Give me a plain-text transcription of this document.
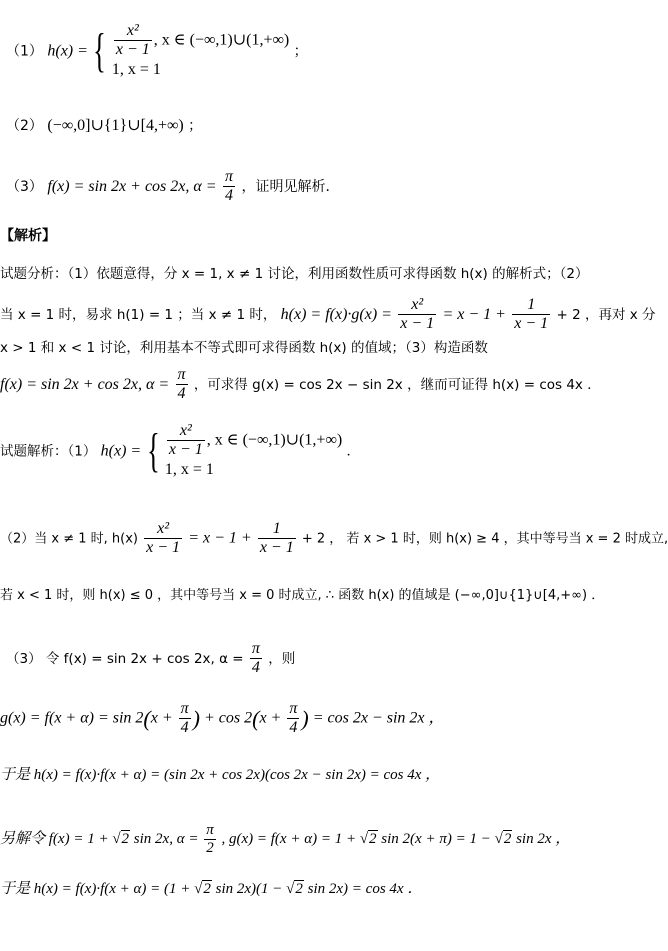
（1） h(x) = { $\frac{\text{x²}}{x - 1}$ , x ∈ (−∞,1)∪(1,+∞)
1, x = 1
；
（2） (−∞,0]∪{1}∪[4,+∞) ；
（3） f(x) = sin 2x + cos 2x, $\alpha = \frac{\pi}{4}$ ，证明见解析．
【解析】
试题分析：（1）依题意得，分 x = 1, x ≠ 1 讨论，利用函数性质可求得函数 h(x) 的解析式；（2）
当 x = 1 时，易求 h(1) = 1 ；当 x ≠ 1 时， $h(x) = f(x)\cdot g(x) = \frac{\text{x²}}{x - 1} = x - 1 + \frac{1}{x - 1} + 2$ ，再对 x 分
x > 1 和 x < 1 讨论，利用基本不等式即可求得函数 h(x) 的值域；（3）构造函数
f(x) = sin 2x + cos 2x, $\alpha = \frac{\pi}{4}$ ，可求得 g(x) = cos 2x − sin 2x ，继而可证得 h(x) = cos 4x ．
试题解析：（1） h(x) = { $\frac{\text{x²}}{x - 1}$ , x ∈ (−∞,1)∪(1,+∞)
1, x = 1
．
（2）当 x ≠ 1 时, $h(x) \frac{\text{x²}}{x - 1} = x - 1 + \frac{1}{x - 1} + 2$ ， 若 x > 1 时，则 h(x) ≥ 4 ，其中等号当 x = 2 时成立,
若 x < 1 时，则 h(x) ≤ 0 ，其中等号当 x = 0 时成立, ∴ 函数 h(x) 的值域是 (−∞,0]∪{1}∪[4,+∞) ．
（3） 令 f(x) = sin 2x + cos 2x, $\alpha = \frac{\pi}{4}$ ，则
$g(x) = f(x + \alpha) = \sin 2(x + \frac{\pi}{4}$ ) + $\cos 2(x + \frac{\pi}{4}$ ) = cos 2x − sin 2x ，
于是 h(x) = f(x)·f(x + α) = (sin 2x + cos 2x)(cos 2x − sin 2x) = cos 4x ，
另解令 f(x) = 1 + √2 sin 2x, $\alpha = \frac{\pi}{2}$ , g(x) = f(x + α) = 1 + √2 sin 2(x + π) = 1 − √2 sin 2x ，
于是 h(x) = f(x)·f(x + α) = (1 + √2 sin 2x)(1 − √2 sin 2x) = cos 4x ．
